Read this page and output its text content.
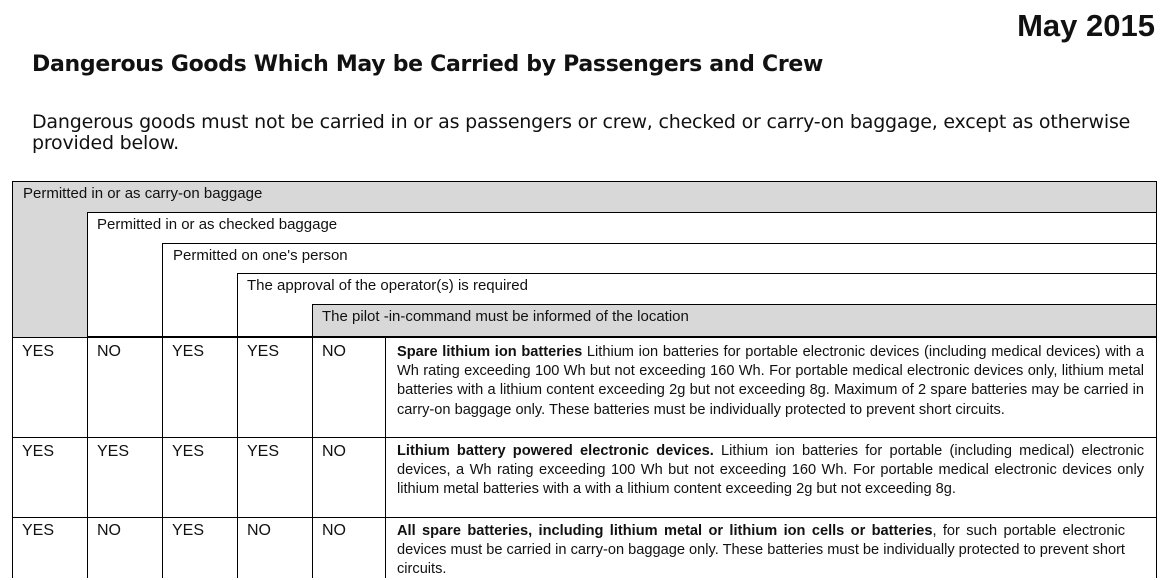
May 2015
Dangerous Goods Which May be Carried by Passengers and Crew

Dangerous goods must not be carried in or as passengers or crew, checked or carry-on baggage, except as otherwise provided below.

Permitted in or as carry-on baggage
Permitted in or as checked baggage
Permitted on one's person
The approval of the operator(s) is required
The pilot -in-command must be informed of the location
YES	NO	YES	YES	NO	Spare lithium ion batteries Lithium ion batteries for portable electronic devices (including medical devices) with a Wh rating exceeding 100 Wh but not exceeding 160 Wh. For portable medical electronic devices only, lithium metal batteries with a lithium content exceeding 2g but not exceeding 8g. Maximum of 2 spare batteries may be carried in carry-on baggage only. These batteries must be individually protected to prevent short circuits.

YES	YES	YES	YES	NO	Lithium battery powered electronic devices. Lithium ion batteries for portable (including medical) electronic devices, a Wh rating exceeding 100 Wh but not exceeding 160 Wh. For portable medical electronic devices only lithium metal batteries with a with a lithium content exceeding 2g but not exceeding 8g.

YES	NO	YES	NO	NO	All spare batteries, including lithium metal or lithium ion cells or batteries, for such portable electronic devices must be carried in carry-on baggage only. These batteries must be individually protected to prevent short circuits.
